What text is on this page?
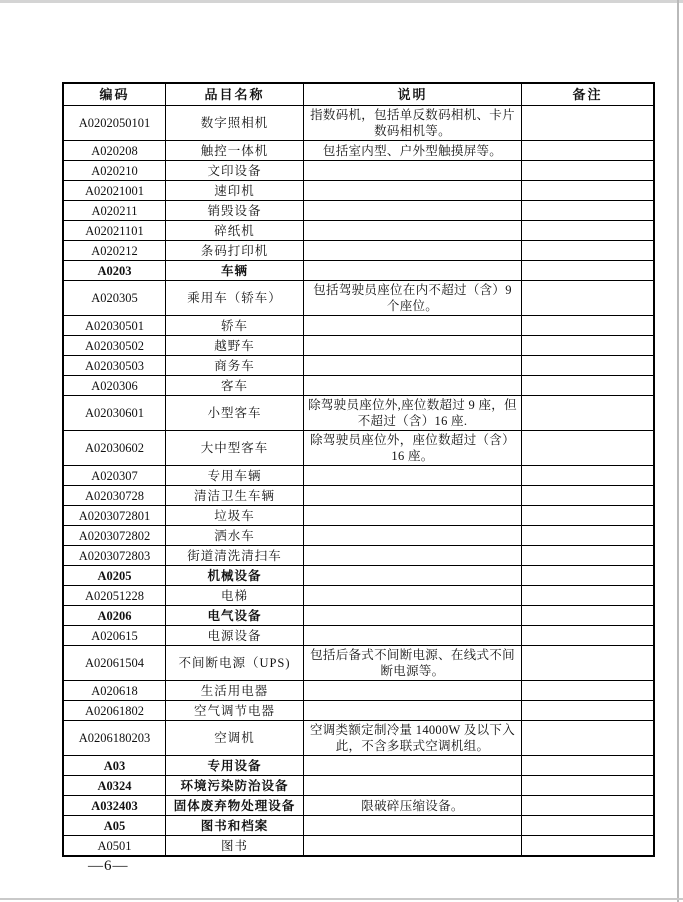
编码	品目名称	说明	备注
A0202050101	数字照相机	指数码机，包括单反数码相机、卡片数码相机等。	
A020208	触控一体机	包括室内型、户外型触摸屏等。	
A020210	文印设备		
A02021001	速印机		
A020211	销毁设备		
A02021101	碎纸机		
A020212	条码打印机		
A0203	车辆		
A020305	乘用车（轿车）	包括驾驶员座位在内不超过（含）9 个座位。	
A02030501	轿车		
A02030502	越野车		
A02030503	商务车		
A020306	客车		
A02030601	小型客车	除驾驶员座位外,座位数超过 9 座，但不超过（含）16 座.	
A02030602	大中型客车	除驾驶员座位外，座位数超过（含）16 座。	
A020307	专用车辆		
A02030728	清洁卫生车辆		
A0203072801	垃圾车		
A0203072802	洒水车		
A0203072803	街道清洗清扫车		
A0205	机械设备		
A02051228	电梯		
A0206	电气设备		
A020615	电源设备		
A02061504	不间断电源（UPS)	包括后备式不间断电源、在线式不间断电源等。	
A020618	生活用电器		
A02061802	空气调节电器		
A0206180203	空调机	空调类额定制冷量 14000W 及以下入此，不含多联式空调机组。	
A03	专用设备		
A0324	环境污染防治设备		
A032403	固体废弃物处理设备	限破碎压缩设备。	
A05	图书和档案		
A0501	图书		
—6—
